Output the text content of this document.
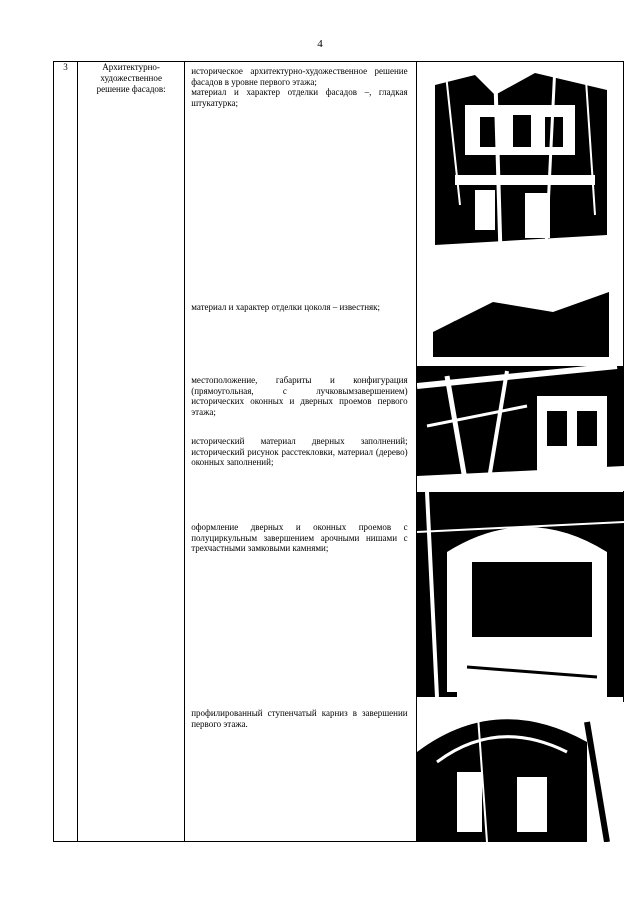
4
3	Архитектурно-
художественное
решение фасадов:

историческое архитектурно-художественное решение фасадов в уровне первого этажа;
материал и характер отделки фасадов –, гладкая штукатурка;
материал и характер отделки цоколя – известняк;
местоположение, габариты и конфигурация (прямоугольная, с лучковымзавершением) исторических оконных и дверных проемов первого этажа;
исторический материал дверных заполнений; исторический рисунок расстекловки, материал (дерево) оконных заполнений;
оформление дверных и оконных проемов с полуциркульным завершением арочными нишами с трехчастными замковыми камнями;
профилированный ступенчатый карниз в завершении первого этажа.
